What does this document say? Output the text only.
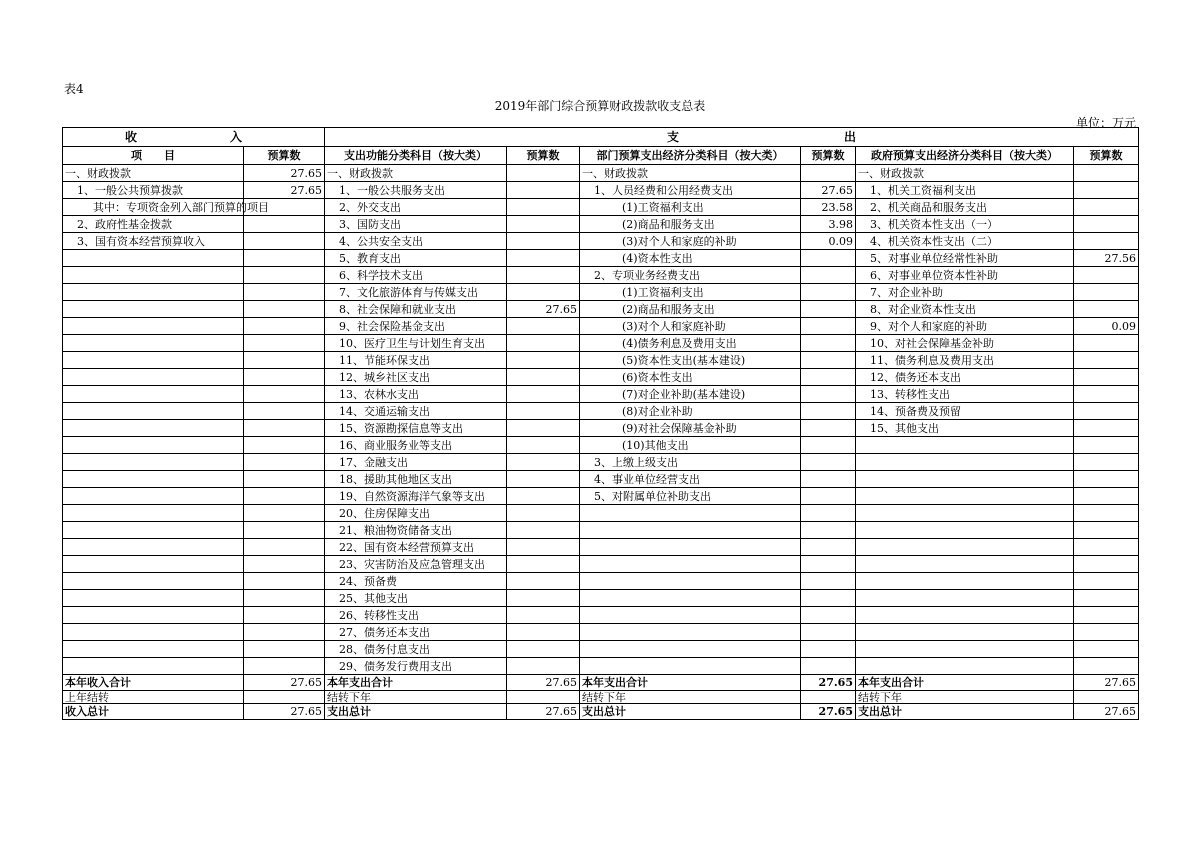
表4
2019年部门综合预算财政拨款收支总表
单位：万元
收 入		支 出					

项　　目	预算数	支出功能分类科目（按大类）	预算数	部门预算支出经济分类科目（按大类）	预算数	政府预算支出经济分类科目（按大类）	预算数
一、财政拨款	27.65	一、财政拨款		一、财政拨款		一、财政拨款	
1、一般公共预算拨款	27.65	1、一般公共服务支出		1、人员经费和公用经费支出	27.65	1、机关工资福利支出	
其中：专项资金列入部门预算的项目		2、外交支出		(1)工资福利支出	23.58	2、机关商品和服务支出	
2、政府性基金拨款		3、国防支出		(2)商品和服务支出	3.98	3、机关资本性支出（一）	
3、国有资本经营预算收入		4、公共安全支出		(3)对个人和家庭的补助	0.09	4、机关资本性支出（二）	
		5、教育支出		(4)资本性支出		5、对事业单位经常性补助	27.56
		6、科学技术支出		2、专项业务经费支出		6、对事业单位资本性补助	
		7、文化旅游体育与传媒支出		(1)工资福利支出		7、对企业补助	
		8、社会保障和就业支出	27.65	(2)商品和服务支出		8、对企业资本性支出	
		9、社会保险基金支出		(3)对个人和家庭补助		9、对个人和家庭的补助	0.09
		10、医疗卫生与计划生育支出		(4)债务利息及费用支出		10、对社会保障基金补助	
		11、节能环保支出		(5)资本性支出(基本建设)		11、债务利息及费用支出	
		12、城乡社区支出		(6)资本性支出		12、债务还本支出	
		13、农林水支出		(7)对企业补助(基本建设)		13、转移性支出	
		14、交通运输支出		(8)对企业补助		14、预备费及预留	
		15、资源勘探信息等支出		(9)对社会保障基金补助		15、其他支出	
		16、商业服务业等支出		(10)其他支出			
		17、金融支出		3、上缴上级支出			
		18、援助其他地区支出		4、事业单位经营支出			
		19、自然资源海洋气象等支出		5、对附属单位补助支出			
		20、住房保障支出					
		21、粮油物资储备支出					
		22、国有资本经营预算支出					
		23、灾害防治及应急管理支出					
		24、预备费					
		25、其他支出					
		26、转移性支出					
		27、债务还本支出					
		28、债务付息支出					
		29、债务发行费用支出					
本年收入合计	27.65	本年支出合计	27.65	本年支出合计	27.65	本年支出合计	27.65
上年结转		结转下年		结转下年		结转下年	
收入总计	27.65	支出总计	27.65	支出总计	27.65	支出总计	27.65
